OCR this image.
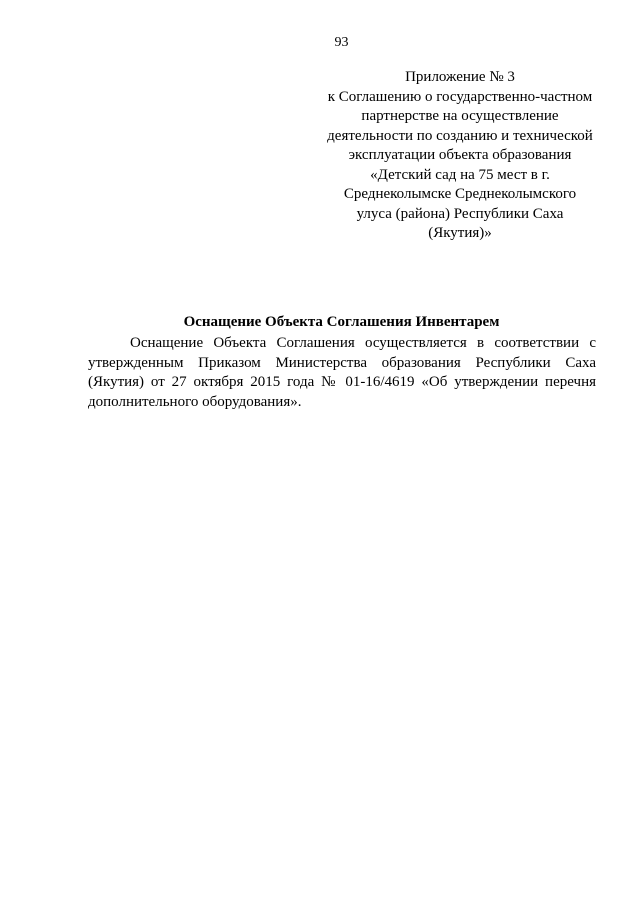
93
Приложение № 3
к Соглашению о государственно-частном
партнерстве на осуществление
деятельности по созданию и технической
эксплуатации объекта образования
«Детский сад на 75 мест в г.
Среднеколымске Среднеколымского
улуса (района) Республики Саха
(Якутия)»
Оснащение Объекта Соглашения Инвентарем
Оснащение Объекта Соглашения осуществляется в соответствии с
утвержденным Приказом Министерства образования Республики Саха
(Якутия) от 27 октября 2015 года № 01-16/4619 «Об утверждении перечня
дополнительного оборудования».
